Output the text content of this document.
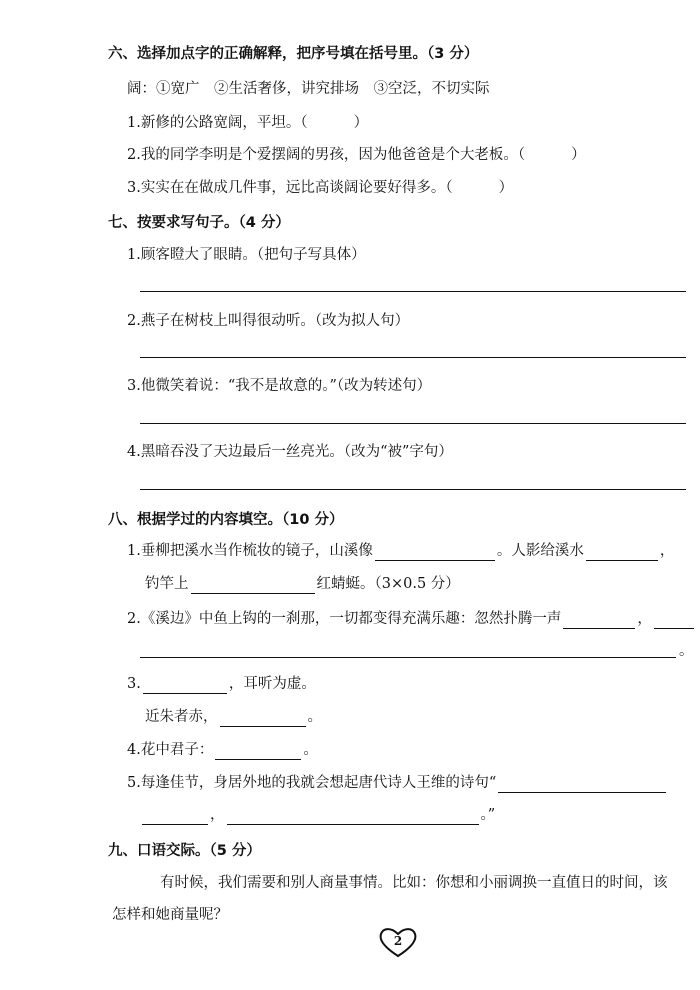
六、选择加点字的正确解释，把序号填在括号里。（3 分）
阔：①宽广　②生活奢侈，讲究排场　③空泛，不切实际
1.新修的公路宽阔，平坦。（	）
2.我的同学李明是个爱摆阔的男孩，因为他爸爸是个大老板。（	）
3.实实在在做成几件事，远比高谈阔论要好得多。（	）
七、按要求写句子。（4 分）
1.顾客瞪大了眼睛。（把句子写具体）
2.燕子在树枝上叫得很动听。（改为拟人句）
3.他微笑着说：“我不是故意的。”（改为转述句）
4.黑暗吞没了天边最后一丝亮光。（改为“被”字句）
八、根据学过的内容填空。（10 分）
1.垂柳把溪水当作梳妆的镜子，山溪像	。人影给溪水	，
钓竿上	红蜻蜓。（3×0.5 分）
2.《溪边》中鱼上钩的一刹那，一切都变得充满乐趣：忽然扑腾一声	，
。
3.	，耳听为虚。
近朱者赤，	。
4.花中君子：	。
5.每逢佳节，身居外地的我就会想起唐代诗人王维的诗句“
，	。”
九、口语交际。（5 分）
有时候，我们需要和别人商量事情。比如：你想和小丽调换一直值日的时间，该
怎样和她商量呢？
2
